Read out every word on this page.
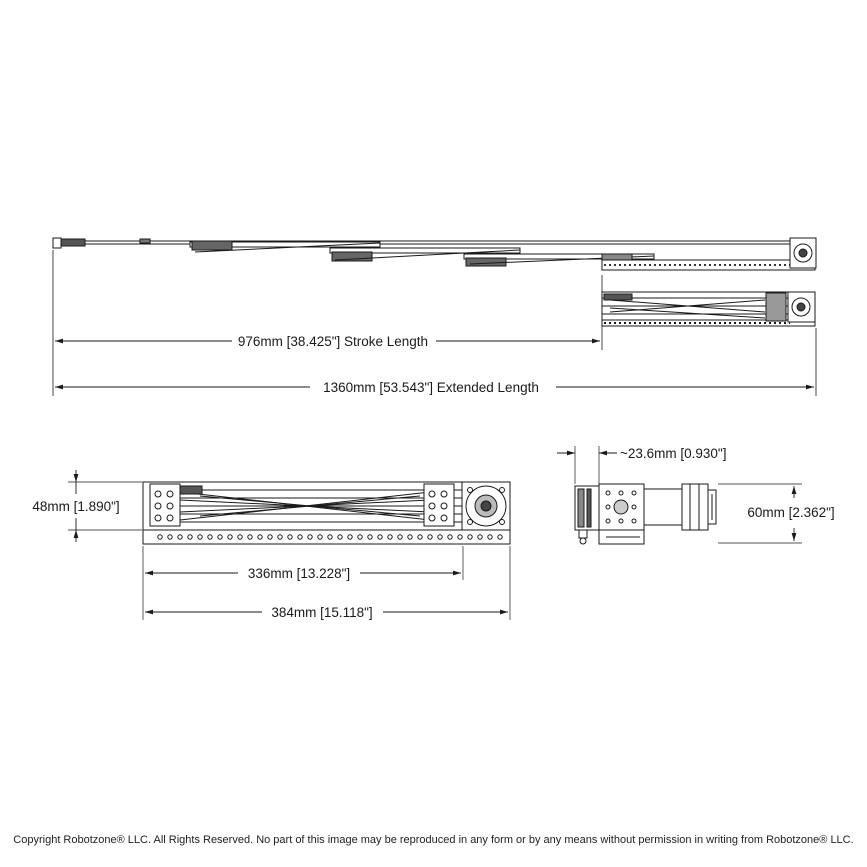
976mm [38.425"] Stroke Length
1360mm [53.543"] Extended Length
48mm [1.890"]
336mm [13.228"]
384mm [15.118"]
~23.6mm [0.930"]
60mm [2.362"]
Copyright Robotzone® LLC. All Rights Reserved. No part of this image may be reproduced in any form or by any means without permission in writing from Robotzone® LLC.
